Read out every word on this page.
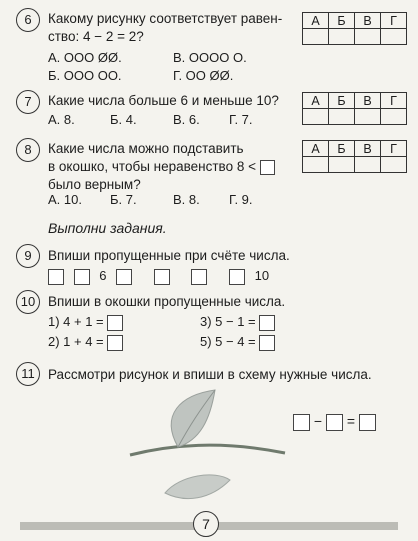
6	Какому рисунку соответствует равен-
ство: 4 − 2 = 2?
А	Б	В	Г

А. ООО ØØ.	В. ОООО О.
Б. ООО ОО.	Г. ОО ØØ.
7	Какие числа больше 6 и меньше 10?	А	Б	В	Г

А. 8.	Б. 4.	В. 6. Г. 7.
8	Какие числа можно подставить
в окошко, чтобы неравенство 8 <
было верным?
А	Б	В	Г

А. 10. Б. 7.	В. 8. Г. 9.
Выполни задания.
9	Впиши пропущенные при счёте числа.
6	10
10 Впиши в окошки пропущенные числа.
1) 4 + 1 =	3) 5 − 1 =
2) 1 + 4 =	5) 5 − 4 =
11 Рассмотри рисунок и впиши в схему нужные числа.
− =
7
